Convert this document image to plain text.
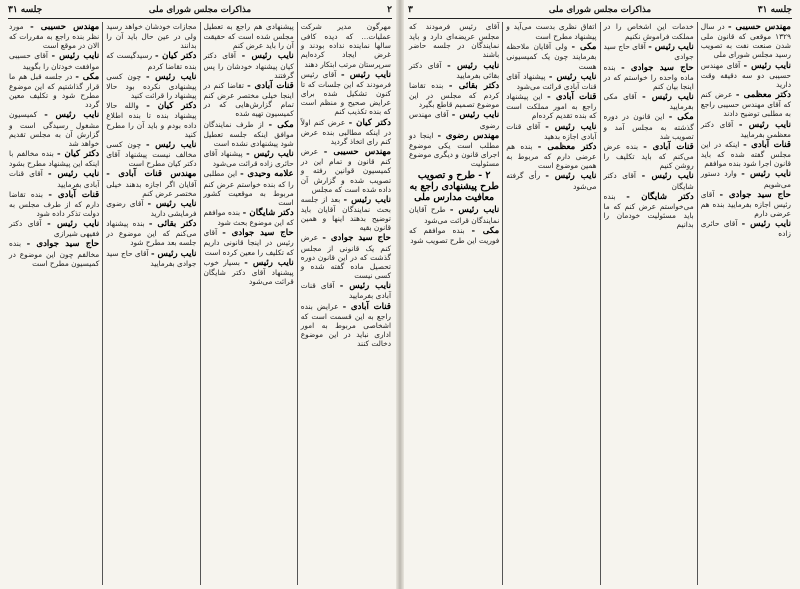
۲
مذاکرات مجلس شورای ملی
جلسه ۳۱
مهرگون مدیر شرکت عملیات... که دیده کافی سالها نماینده نداده بودند و غرض ایجاد کرده‌ایم سرپرستان مرتب ابتکار دهند
نایب رئیس - آقای رئیس فرمودند که این جلسات که تا کنون تشکیل شده برای عرایض صحیح و منظم است که بنده تکذیب کنم
دکتر کیان - عرض کنم اولاً در اینکه مطالبی بنده عرض کنم رای اتخاذ گردید
مهندس حسیبی - عرض کنم قانون و تمام این در کمیسیون قوانین رفته و تصویب شده و گزارش آن داده شده است که مجلس
نایب رئیس - بعد از جلسه بحث نمایندگان آقایان باید توضیح بدهند اینها و همین قانون بقیه
حاج سید جوادی - عرض کنم یک قانونی از مجلس گذشت که در این قانون دوره تحصیل ماده گفته شده و کسی نیست
نایب رئیس - آقای قنات آبادی بفرمایید
قنات آبادی - عرایض بنده راجع به این قسمت است که اشخاصی مربوط به امور اداری نباید در این موضوع دخالت کنند
پیشنهادی هم راجع به تعطیل مجلس شده است که حقیقت آن را باید عرض کنم
نایب رئیس - آقای دکتر کیان پیشنهاد خودشان را پس گرفتند
قنات آبادی - تقاضا کنم در اینجا خیلی مختصر عرض کنم تمام گزارش‌هایی که در کمیسیون تهیه شده
مکی - از طرف نمایندگان موافق اینکه جلسه تعطیل شود پیشنهادی نشده است
نایب رئیس - پیشنهاد آقای حائری زاده قرائت می‌شود
علامه وحیدی - این مطلبی را که بنده خواستم عرض کنم مربوط به موقعیت کشور است
دکتر شایگان - بنده موافقم که این موضوع بحث شود
حاج سید جوادی - آقای رئیس در اینجا قانونی داریم که تکلیف را معین کرده است
نایب رئیس - بسیار خوب پیشنهاد آقای دکتر شایگان قرائت می‌شود
مجازات خودشان خواهد رسید ولی در عین حال باید آن را بدانند
دکتر کیان - رسیدگیست که بنده تقاضا کردم
نایب رئیس - چون کسی پیشنهادی نکرده بود حالا پیشنهاد را قرائت کنید
دکتر کیان - والله حالا پیشنهاد بنده تا بنده اطلاع داده بودم و باید آن را مطرح کنید
نایب رئیس - چون کسی مخالف نیست پیشنهاد آقای دکتر کیان مطرح است
مهندس قنات آبادی - آقایان اگر اجازه بدهند خیلی مختصر عرض کنم
نایب رئیس - آقای رضوی فرمایشی دارید
دکتر بقائی - بنده پیشنهاد می‌کنم که این موضوع در جلسه بعد مطرح شود
نایب رئیس - آقای حاج سید جوادی بفرمایید
مهندس حسیبی - مورد نظر بنده راجع به مقررات که الان در موقع است
نایب رئیس - آقای حسیبی موافقت خودتان را بگویید
مکی - در جلسه قبل هم ما قرار گذاشتیم که این موضوع مطرح شود و تکلیف معین گردد
نایب رئیس - کمیسیون مشغول رسیدگی است و گزارش آن به مجلس تقدیم خواهد شد
دکتر کیان - بنده مخالفم با اینکه این پیشنهاد مطرح بشود
نایب رئیس - آقای قنات آبادی بفرمایید
قنات آبادی - بنده تقاضا دارم که از طرف مجلس به دولت تذکر داده شود
نایب رئیس - آقای دکتر فقیهی شیرازی
حاج سید جوادی - بنده مخالفم چون این موضوع در کمیسیون مطرح است
جلسه ۳۱
مذاکرات مجلس شورای ملی
۳
مهندس حسیبی - در سال ۱۳۲۹ موقعی که قانون ملی شدن صنعت نفت به تصویب رسید مجلس شورای ملی
نایب رئیس - آقای مهندس حسیبی دو سه دقیقه وقت دارید
دکتر معظمی - عرض کنم که آقای مهندس حسیبی راجع به مطلبی توضیح دادند
نایب رئیس - آقای دکتر معظمی بفرمایید
قنات آبادی - اینکه در این مجلس گفته شده که باید قانون اجرا شود بنده موافقم
نایب رئیس - وارد دستور می‌شویم
حاج سید جوادی - آقای رئیس اجازه بفرمایید بنده هم عرضی دارم
نایب رئیس - آقای حائری زاده
خدمات این اشخاص را در مملکت فراموش نکنیم
نایب رئیس - آقای حاج سید جوادی
حاج سید جوادی - بنده ماده واحده را خواستم که در اینجا بیان کنم
نایب رئیس - آقای مکی بفرمایید
مکی - این قانون در دوره گذشته به مجلس آمد و تصویب شد
قنات آبادی - بنده عرض می‌کنم که باید تکلیف را روشن کنیم
نایب رئیس - آقای دکتر شایگان
دکتر شایگان - بنده می‌خواستم عرض کنم که ما باید مسئولیت خودمان را بدانیم
اتفاق نظری بدست می‌آید و پیشنهاد مطرح است
مکی - ولی آقایان ملاحظه بفرمایند چون یک کمیسیونی هست
نایب رئیس - پیشنهاد آقای قنات آبادی قرائت می‌شود
قنات آبادی - این پیشنهاد راجع به امور مملکت است که بنده تقدیم کرده‌ام
نایب رئیس - آقای قنات آبادی اجازه بدهید
دکتر معظمی - بنده هم عرضی دارم که مربوط به همین موضوع است
نایب رئیس - رأی گرفته می‌شود
آقای رئیس فرمودند که مجلس عریضه‌ای دارد و باید نمایندگان در جلسه حاضر باشند
نایب رئیس - آقای دکتر بقائی بفرمایید
دکتر بقائی - بنده تقاضا کردم که مجلس در این موضوع تصمیم قاطع بگیرد
نایب رئیس - آقای مهندس رضوی
مهندس رضوی - اینجا دو مطلب است یکی موضوع اجرای قانون و دیگری موضوع مسئولیت
۲ - طرح و تصویب طرح پیشنهادی راجع به معافیت مدارس ملی
نایب رئیس - طرح آقایان نمایندگان قرائت می‌شود
مکی - بنده موافقم که فوریت این طرح تصویب شود
